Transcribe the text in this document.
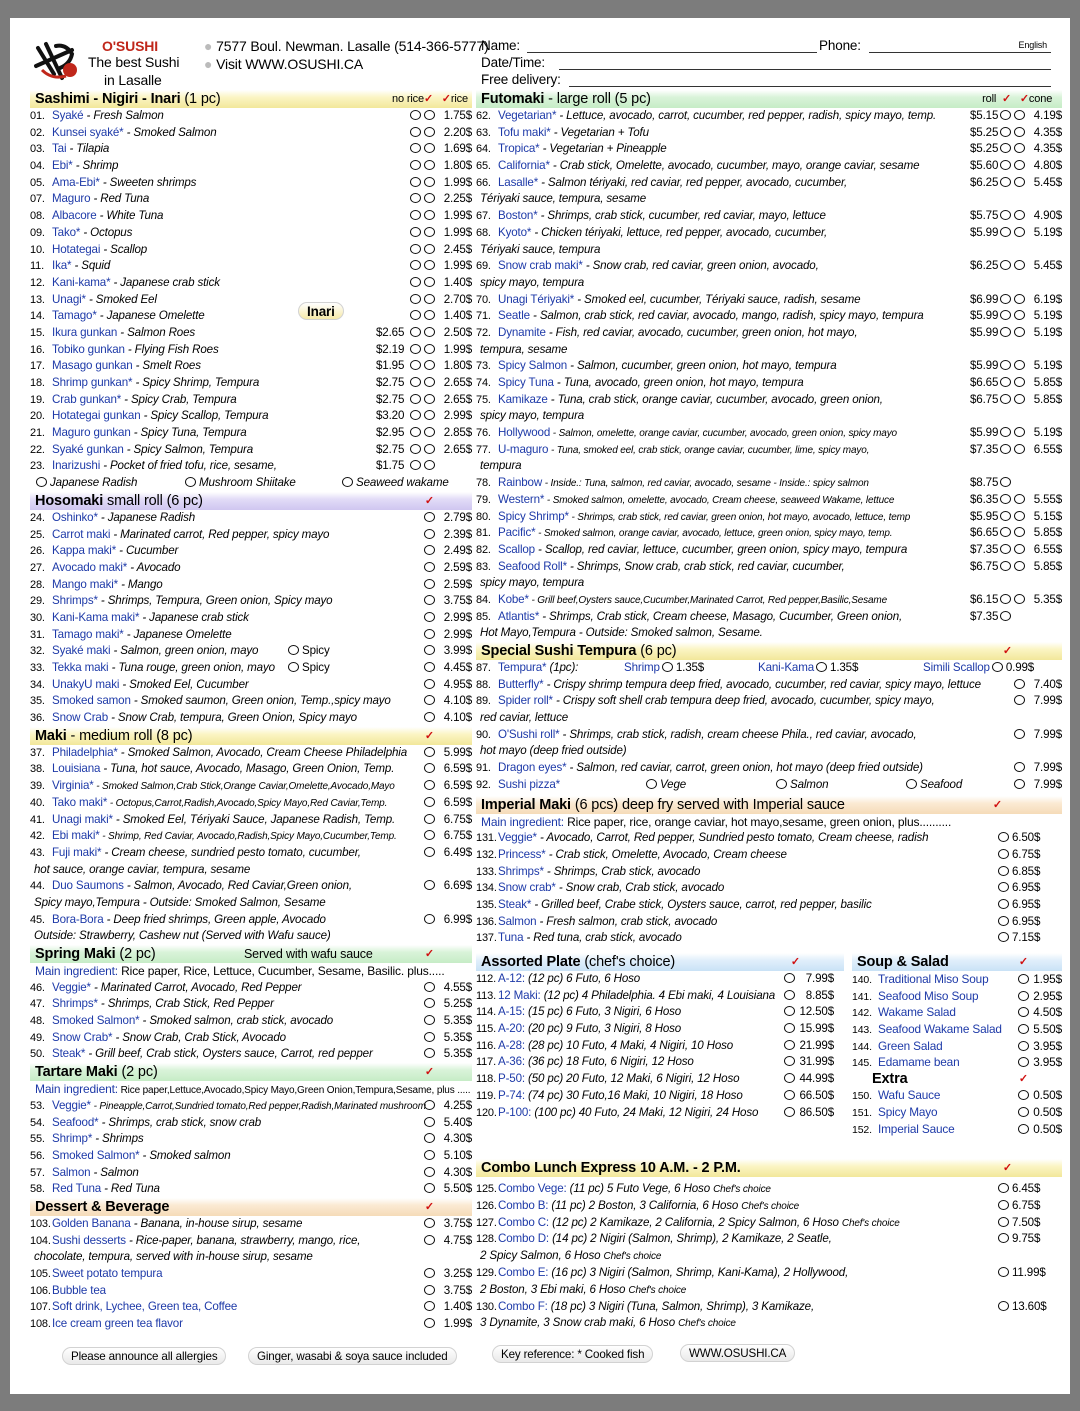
O'SUSHI
The best Sushi
in Lasalle
● 7577 Boul. Newman. Lasalle (514-366-5777)
● Visit WWW.OSUSHI.CA
Name:	Phone:	English
Date/Time:
Free delivery:
Sashimi - Nigiri - Inari (1 pc)	no rice✓ ✓rice
01. Syaké - Fresh Salmon	1.75$
02. Kunsei syaké* - Smoked Salmon	2.20$
03. Tai - Tilapia	1.69$
04. Ebi* - Shrimp	1.80$
05. Ama-Ebi* - Sweeten shrimps	1.99$
07. Maguro - Red Tuna	2.25$
08. Albacore - White Tuna	1.99$
09. Tako* - Octopus	1.99$
10. Hotategai - Scallop	2.45$
11. Ika* - Squid	1.99$
12. Kani-kama* - Japanese crab stick	1.40$
13. Unagi* - Smoked Eel	2.70$
14. Tamago* - Japanese Omelette	1.40$
15. Ikura gunkan - Salmon Roes	$2.65	2.50$
16. Tobiko gunkan - Flying Fish Roes	$2.19	1.99$
17. Masago gunkan - Smelt Roes	$1.95	1.80$
18. Shrimp gunkan* - Spicy Shrimp, Tempura	$2.75	2.65$
19. Crab gunkan* - Spicy Crab, Tempura	$2.75	2.65$
20. Hotategai gunkan - Spicy Scallop, Tempura	$3.20	2.99$
21. Maguro gunkan - Spicy Tuna, Tempura	$2.95	2.85$
22. Syaké gunkan - Spicy Salmon, Tempura	$2.75	2.65$
23. Inarizushi - Pocket of fried tofu, rice, sesame,	$1.75
Inari
Japanese Radish	Mushroom Shiitake	Seaweed wakame
Hosomaki small roll (6 pc)	✓
24. Oshinko* - Japanese Radish	2.79$
25. Carrot maki - Marinated carrot, Red pepper, spicy mayo	2.39$
26. Kappa maki* - Cucumber	2.49$
27. Avocado maki* - Avocado	2.59$
28. Mango maki* - Mango	2.59$
29. Shrimps* - Shrimps, Tempura, Green onion, Spicy mayo	3.75$
30. Kani-Kama maki* - Japanese crab stick	2.99$
31. Tamago maki* - Japanese Omelette	2.99$
32. Syaké maki - Salmon, green onion, mayo	Spicy	3.99$
33. Tekka maki - Tuna rouge, green onion, mayo	Spicy	4.45$
34. UnakyU maki - Smoked Eel, Cucumber	4.95$
35. Smoked samon - Smoked saumon, Green onion, Temp.,spicy mayo	4.10$
36. Snow Crab - Snow Crab, tempura, Green Onion, Spicy mayo	4.10$
Maki - medium roll (8 pc)	✓
37. Philadelphia* - Smoked Salmon, Avocado, Cream Cheese Philadelphia	5.99$
38. Louisiana - Tuna, hot sauce, Avocado, Masago, Green Onion, Temp.	6.59$
39. Virginia* - Smoked Salmon,Crab Stick,Orange Caviar,Omelette,Avocado,Mayo	6.59$
40. Tako maki* - Octopus,Carrot,Radish,Avocado,Spicy Mayo,Red Caviar,Temp.	6.59$
41. Unagi maki* - Smoked Eel, Tériyaki Sauce, Japanese Radish, Temp.	6.75$
42. Ebi maki* - Shrimp, Red Caviar, Avocado,Radish,Spicy Mayo,Cucumber,Temp.	6.75$
43. Fuji maki* - Cream cheese, sundried pesto tomato, cucumber,	6.49$
hot sauce, orange caviar, tempura, sesame
44. Duo Saumons - Salmon, Avocado, Red Caviar,Green onion,	6.69$
Spicy mayo,Tempura - Outside: Smoked Salmon, Sesame
45. Bora-Bora - Deep fried shrimps, Green apple, Avocado	6.99$
Outside: Strawberry, Cashew nut (Served with Wafu sauce)
Spring Maki (2 pc)	Served with wafu sauce	✓
Main ingredient: Rice paper, Rice, Lettuce, Cucumber, Sesame, Basilic. plus.....
46. Veggie* - Marinated Carrot, Avocado, Red Pepper	4.55$
47. Shrimps* - Shrimps, Crab Stick, Red Pepper	5.25$
48. Smoked Salmon* - Smoked salmon, crab stick, avocado	5.35$
49. Snow Crab* - Snow Crab, Crab Stick, Avocado	5.35$
50. Steak* - Grill beef, Crab stick, Oysters sauce, Carrot, red pepper	5.35$
Tartare Maki (2 pc)	✓
Main ingredient: Rice paper,Lettuce,Avocado,Spicy Mayo,Green Onion,Tempura,Sesame, plus .....
53. Veggie* - Pineapple,Carrot,Sundried tomato,Red pepper,Radish,Marinated mushroom	4.25$
54. Seafood* - Shrimps, crab stick, snow crab	5.40$
55. Shrimp* - Shrimps	4.30$
56. Smoked Salmon* - Smoked salmon	5.10$
57. Salmon - Salmon	4.30$
58. Red Tuna - Red Tuna	5.50$
Dessert & Beverage	✓
103.Golden Banana - Banana, in-house sirup, sesame	3.75$
104.Sushi desserts - Rice-paper, banana, strawberry, mango, rice,	4.75$
chocolate, tempura, served with in-house sirup, sesame
105.Sweet potato tempura	3.25$
106.Bubble tea	3.75$
107.Soft drink, Lychee, Green tea, Coffee	1.40$
108.Ice cream green tea flavor	1.99$
Futomaki - large roll (5 pc)	roll ✓ ✓cone
62. Vegetarian* - Lettuce, avocado, carrot, cucumber, red pepper, radish, spicy mayo, temp.	$5.15	4.19$
63. Tofu maki* - Vegetarian + Tofu	$5.25	4.35$
64. Tropica* - Vegetarian + Pineapple	$5.25	4.35$
65. California* - Crab stick, Omelette, avocado, cucumber, mayo, orange caviar, sesame	$5.60	4.80$
66. Lasalle* - Salmon tériyaki, red caviar, red pepper, avocado, cucumber,	$6.25	5.45$
Tériyaki sauce, tempura, sesame
67. Boston* - Shrimps, crab stick, cucumber, red caviar, mayo, lettuce	$5.75	4.90$
68. Kyoto* - Chicken tériyaki, lettuce, red pepper, avocado, cucumber,	$5.99	5.19$
Tériyaki sauce, tempura
69. Snow crab maki* - Snow crab, red caviar, green onion, avocado,	$6.25	5.45$
spicy mayo, tempura
70. Unagi Tériyaki* - Smoked eel, cucumber, Tériyaki sauce, radish, sesame	$6.99	6.19$
71. Seatle - Salmon, crab stick, red caviar, avocado, mango, radish, spicy mayo, tempura	$5.99	5.19$
72. Dynamite - Fish, red caviar, avocado, cucumber, green onion, hot mayo,	$5.99	5.19$
tempura, sesame
73. Spicy Salmon - Salmon, cucumber, green onion, hot mayo, tempura	$5.99	5.19$
74. Spicy Tuna - Tuna, avocado, green onion, hot mayo, tempura	$6.65	5.85$
75. Kamikaze - Tuna, crab stick, orange caviar, cucumber, avocado, green onion,	$6.75	5.85$
spicy mayo, tempura
76. Hollywood - Salmon, omelette, orange caviar, cucumber, avocado, green onion, spicy mayo	$5.99	5.19$
77. U-maguro - Tuna, smoked eel, crab stick, orange caviar, cucumber, lime, spicy mayo,	$7.35	6.55$
tempura
78. Rainbow - Inside.: Tuna, salmon, red caviar, avocado, sesame - Inside.: spicy salmon	$8.75
79. Western* - Smoked salmon, omelette, avocado, Cream cheese, seaweed Wakame, lettuce	$6.35	5.55$
80. Spicy Shrimp* - Shrimps, crab stick, red caviar, green onion, hot mayo, avocado, lettuce, temp	$5.95	5.15$
81. Pacific* - Smoked salmon, orange caviar, avocado, lettuce, green onion, spicy mayo, temp.	$6.65	5.85$
82. Scallop - Scallop, red caviar, lettuce, cucumber, green onion, spicy mayo, tempura	$7.35	6.55$
83. Seafood Roll* - Shrimps, Snow crab, crab stick, red caviar, cucumber,	$6.75	5.85$
spicy mayo, tempura
84. Kobe* - Grill beef,Oysters sauce,Cucumber,Marinated Carrot, Red pepper,Basilic,Sesame	$6.15	5.35$
85. Atlantis* - Shrimps, Crab stick, Cream cheese, Masago, Cucumber, Green onion,	$7.35
Hot Mayo,Tempura - Outside: Smoked salmon, Sesame.
Special Sushi Tempura (6 pc)	✓
87. Tempura* (1pc):	Shrimp 1.35$	Kani-Kama 1.35$	Simili Scallop 0.99$
88. Butterfly* - Crispy shrimp tempura deep fried, avocado, cucumber, red caviar, spicy mayo, lettuce	7.40$
89. Spider roll* - Crispy soft shell crab tempura deep fried, avocado, cucumber, spicy mayo,	7.99$
red caviar, lettuce
90. O'Sushi roll* - Shrimps, crab stick, radish, cream cheese Phila., red caviar, avocado,	7.99$
hot mayo (deep fried outside)
91. Dragon eyes* - Salmon, red caviar, carrot, green onion, hot mayo (deep fried outside)	7.99$
92. Sushi pizza*	Vege	Salmon	Seafood	7.99$
Imperial Maki (6 pcs) deep fry served with Imperial sauce	✓
Main ingredient: Rice paper, rice, orange caviar, hot mayo,sesame, green onion, plus..........
131.Veggie* - Avocado, Carrot, Red pepper, Sundried pesto tomato, Cream cheese, radish	6.50$
132.Princess* - Crab stick, Omelette, Avocado, Cream cheese	6.75$
133.Shrimps* - Shrimps, Crab stick, avocado	6.85$
134.Snow crab* - Snow crab, Crab stick, avocado	6.95$
135.Steak* - Grilled beef, Crabe stick, Oysters sauce, carrot, red pepper, basilic	6.95$
136.Salmon - Fresh salmon, crab stick, avocado	6.95$
137.Tuna - Red tuna, crab stick, avocado	7.15$
Assorted Plate (chef's choice)	✓
112. A-12: (12 pc) 6 Futo, 6 Hoso	7.99$
113. 12 Maki: (12 pc) 4 Philadelphia. 4 Ebi maki, 4 Louisiana	8.85$
114. A-15: (15 pc) 6 Futo, 3 Nigiri, 6 Hoso	12.50$
115. A-20: (20 pc) 9 Futo, 3 Nigiri, 8 Hoso	15.99$
116. A-28: (28 pc) 10 Futo, 4 Maki, 4 Nigiri, 10 Hoso	21.99$
117. A-36: (36 pc) 18 Futo, 6 Nigiri, 12 Hoso	31.99$
118. P-50: (50 pc) 20 Futo, 12 Maki, 6 Nigiri, 12 Hoso	44.99$
119. P-74: (74 pc) 30 Futo,16 Maki, 10 Nigiri, 18 Hoso	66.50$
120.P-100: (100 pc) 40 Futo, 24 Maki, 12 Nigiri, 24 Hoso	86.50$
Soup & Salad	✓
140. Traditional Miso Soup	1.95$
141. Seafood Miso Soup	2.95$
142. Wakame Salad	4.50$
143. Seafood Wakame Salad	5.50$
144. Green Salad	3.95$
145. Edamame bean	3.95$
Extra	✓
150. Wafu Sauce	0.50$
151. Spicy Mayo	0.50$
152. Imperial Sauce	0.50$
Combo Lunch Express 10 A.M. - 2 P.M.	✓
125.Combo Vege: (11 pc) 5 Futo Vege, 6 Hoso Chef's choice	6.45$
126.Combo B: (11 pc) 2 Boston, 3 California, 6 Hoso Chef's choice	6.75$
127.Combo C: (12 pc) 2 Kamikaze, 2 California, 2 Spicy Salmon, 6 Hoso Chef's choice	7.50$
128.Combo D: (14 pc) 2 Nigiri (Salmon, Shrimp), 2 Kamikaze, 2 Seatle,	9.75$
2 Spicy Salmon, 6 Hoso Chef's choice
129.Combo E: (16 pc) 3 Nigiri (Salmon, Shrimp, Kani-Kama), 2 Hollywood,	11.99$
2 Boston, 3 Ebi maki, 6 Hoso Chef's choice
130.Combo F: (18 pc) 3 Nigiri (Tuna, Salmon, Shrimp), 3 Kamikaze,	13.60$
3 Dynamite, 3 Snow crab maki, 6 Hoso Chef's choice
Please announce all allergies	Ginger, wasabi & soya sauce included	Key reference: * Cooked fish	WWW.OSUSHI.CA
